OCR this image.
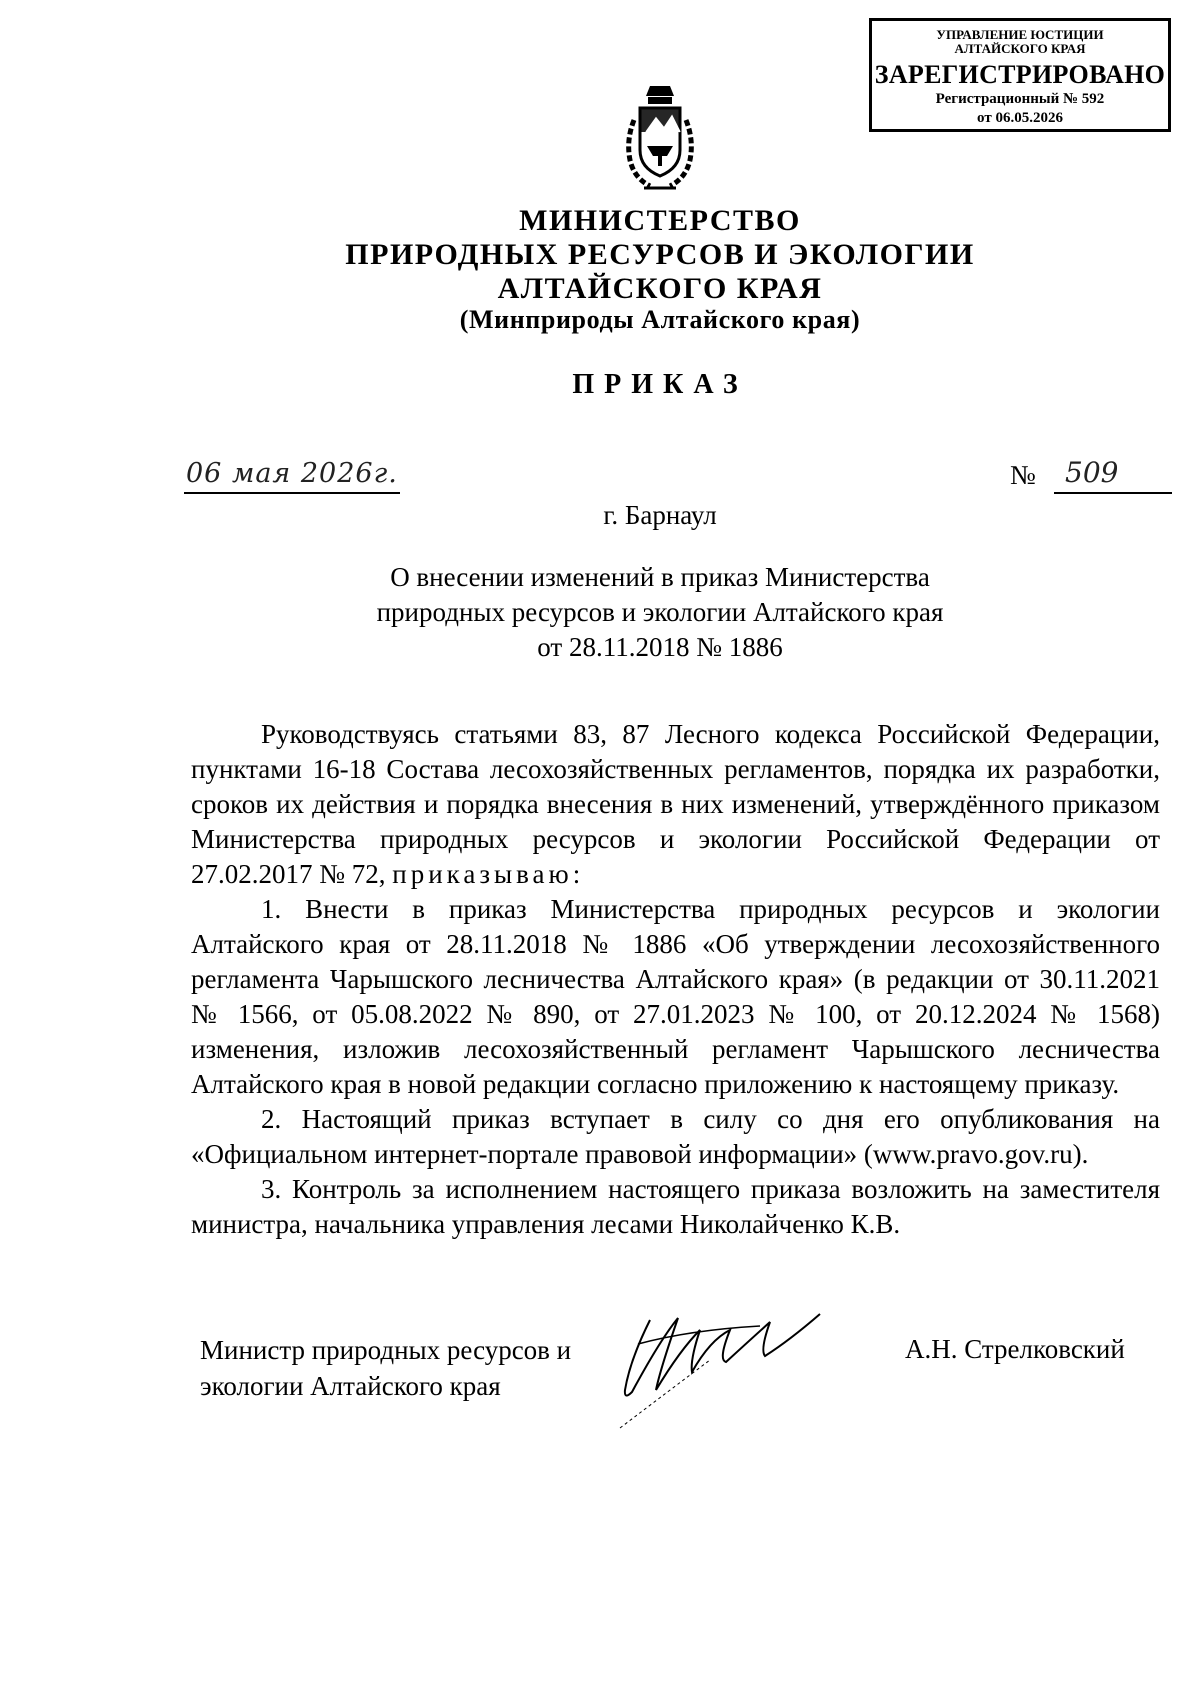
УПРАВЛЕНИЕ ЮСТИЦИИ
АЛТАЙСКОГО КРАЯ
ЗАРЕГИСТРИРОВАНО
Регистрационный № 592
от 06.05.2026
МИНИСТЕРСТВО
ПРИРОДНЫХ РЕСУРСОВ И ЭКОЛОГИИ
АЛТАЙСКОГО КРАЯ
(Минприроды Алтайского края)
ПРИКАЗ
06 мая 2026г.	№ 509
г. Барнаул
О внесении изменений в приказ Министерства
природных ресурсов и экологии Алтайского края
от 28.11.2018 № 1886

Руководствуясь статьями 83, 87 Лесного кодекса Российской Федерации, пунктами 16-18 Состава лесохозяйственных регламентов, порядка их разработки, сроков их действия и порядка внесения в них изменений, утверждённого приказом Министерства природных ресурсов и экологии Российской Федерации от 27.02.2017 № 72, приказываю:

1. Внести в приказ Министерства природных ресурсов и экологии Алтайского края от 28.11.2018 № 1886 «Об утверждении лесохозяйственного регламента Чарышского лесничества Алтайского края» (в редакции от 30.11.2021 № 1566, от 05.08.2022 № 890, от 27.01.2023 № 100, от 20.12.2024 № 1568) изменения, изложив лесохозяйственный регламент Чарышского лесничества Алтайского края в новой редакции согласно приложению к настоящему приказу.

2. Настоящий приказ вступает в силу со дня его опубликования на «Официальном интернет-портале правовой информации» (www.pravo.gov.ru).

3. Контроль за исполнением настоящего приказа возложить на заместителя министра, начальника управления лесами Николайченко К.В.

Министр природных ресурсов и
экологии Алтайского края
А.Н. Стрелковский
